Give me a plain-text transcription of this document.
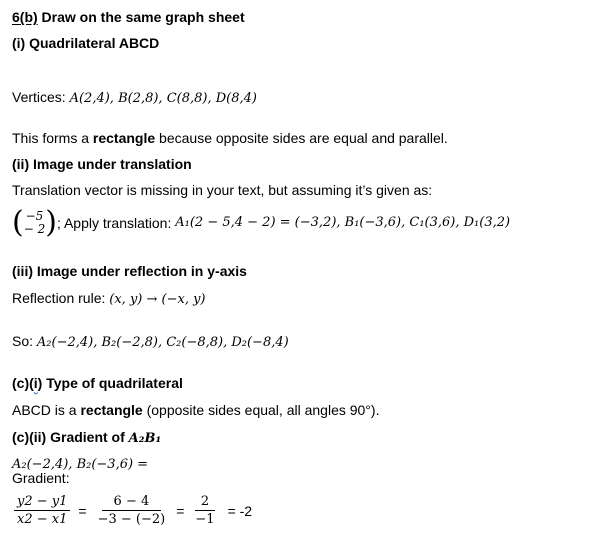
6(b) Draw on the same graph sheet
(i) Quadrilateral ABCD
Vertices: A(2,4), B(2,8), C(8,8), D(8,4)
This forms a rectangle because opposite sides are equal and parallel.
(ii) Image under translation
Translation vector is missing in your text, but assuming it’s given as:
( −5
− 2 ) ; Apply translation: A₁(2 − 5,4 − 2) = (−3,2), B₁(−3,6), C₁(3,6), D₁(3,2)
(iii) Image under reflection in y-axis
Reflection rule: (x, y) → (−x, y)
So: A₂(−2,4), B₂(−2,8), C₂(−8,8), D₂(−8,4)
(c)(i) Type of quadrilateral
ABCD is a rectangle (opposite sides equal, all angles 90°).
(c)(ii) Gradient of A₂B₁
A₂(−2,4), B₂(−3,6) =
Gradient:
$\frac{y2 - y1}{x2 - x1} = \frac{6 - 4}{-3 - (-2)} = \frac{2}{-1} = -2$
